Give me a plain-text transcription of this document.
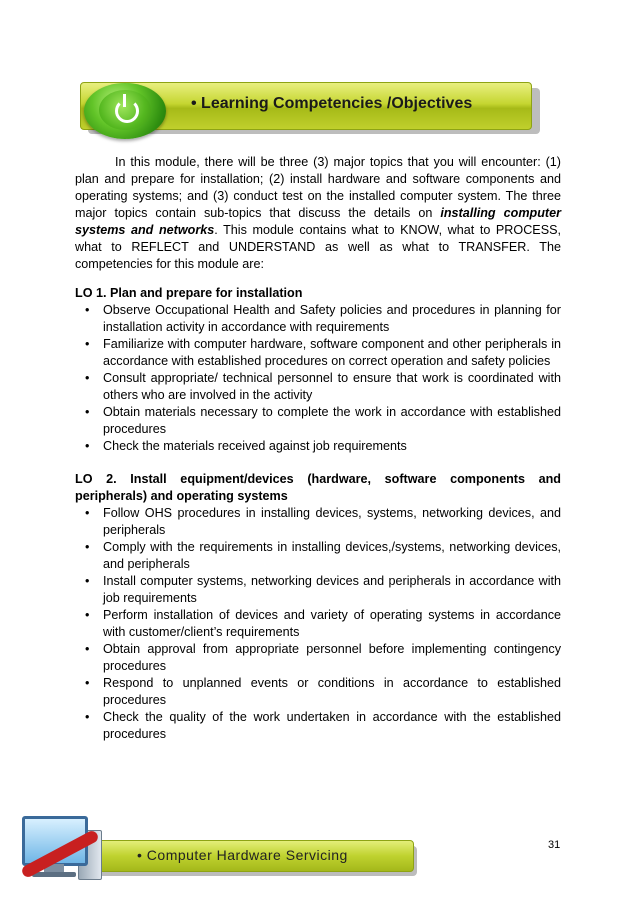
• Learning Competencies /Objectives

In this module, there will be three (3) major topics that you will encounter: (1) plan and prepare for installation; (2) install hardware and software components and operating systems; and (3) conduct test on the installed computer system. The three major topics contain sub-topics that discuss the details on installing computer systems and networks. This module contains what to KNOW, what to PROCESS, what to REFLECT and UNDERSTAND as well as what to TRANSFER. The competencies for this module are:

LO 1. Plan and prepare for installation

• Observe Occupational Health and Safety policies and procedures in planning for installation activity in accordance with requirements
• Familiarize with computer hardware, software component and other peripherals in accordance with established procedures on correct operation and safety policies
• Consult appropriate/ technical personnel to ensure that work is coordinated with others who are involved in the activity
• Obtain materials necessary to complete the work in accordance with established procedures
• Check the materials received against job requirements

LO 2. Install equipment/devices (hardware, software components and peripherals) and operating systems

• Follow OHS procedures in installing devices, systems, networking devices, and peripherals
• Comply with the requirements in installing devices,/systems, networking devices, and peripherals
• Install computer systems, networking devices and peripherals in accordance with job requirements
• Perform installation of devices and variety of operating systems in accordance with customer/client’s requirements
• Obtain approval from appropriate personnel before implementing contingency procedures
• Respond to unplanned events or conditions in accordance to established procedures
• Check the quality of the work undertaken in accordance with the established procedures
31
• Computer Hardware Servicing
